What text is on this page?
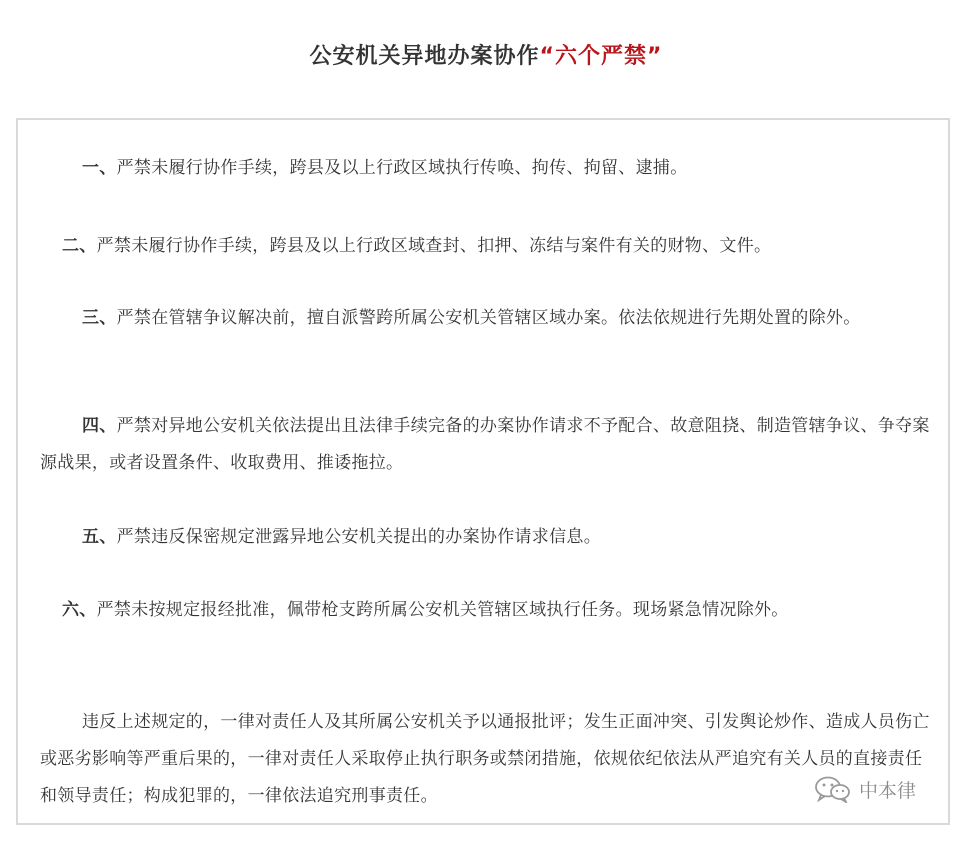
公安机关异地办案协作“六个严禁”

一、严禁未履行协作手续，跨县及以上行政区域执行传唤、拘传、拘留、逮捕。

二、严禁未履行协作手续，跨县及以上行政区域查封、扣押、冻结与案件有关的财物、文件。

三、严禁在管辖争议解决前，擅自派警跨所属公安机关管辖区域办案。依法依规进行先期处置的除外。

四、严禁对异地公安机关依法提出且法律手续完备的办案协作请求不予配合、故意阻挠、制造管辖争议、争夺案源战果，或者设置条件、收取费用、推诿拖拉。

五、严禁违反保密规定泄露异地公安机关提出的办案协作请求信息。

六、严禁未按规定报经批准，佩带枪支跨所属公安机关管辖区域执行任务。现场紧急情况除外。

违反上述规定的，一律对责任人及其所属公安机关予以通报批评；发生正面冲突、引发舆论炒作、造成人员伤亡或恶劣影响等严重后果的，一律对责任人采取停止执行职务或禁闭措施，依规依纪依法从严追究有关人员的直接责任和领导责任；构成犯罪的，一律依法追究刑事责任。	中本律
